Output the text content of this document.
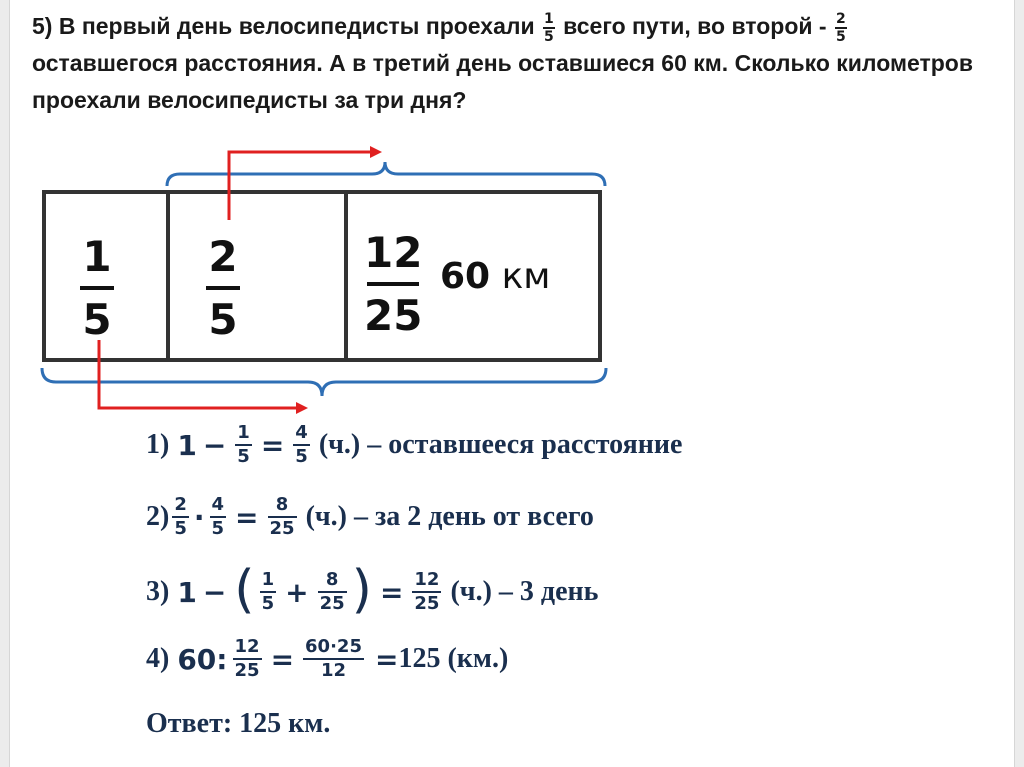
5) В первый день велосипедисты проехали $\frac{1}{5}$ всего пути, во второй - $\frac{2}{5}$
оставшегося расстояния. А в третий день оставшиеся 60 км. Сколько километров проехали велосипедисты за три дня?
1
5
2
5
12
25
60 км
1) 1 − 1
5 = 4
5 (ч.) – оставшееся расстояние
2) 2
5 · 4
5 = 8
25 (ч.) – за 2 день от всего
3) 1 − ( 1
5 + 8
25 ) = 12
25 (ч.) – 3 день
4) 60 : 12
25 = 60·25
12 = 125 (км.)
Ответ: 125 км.
